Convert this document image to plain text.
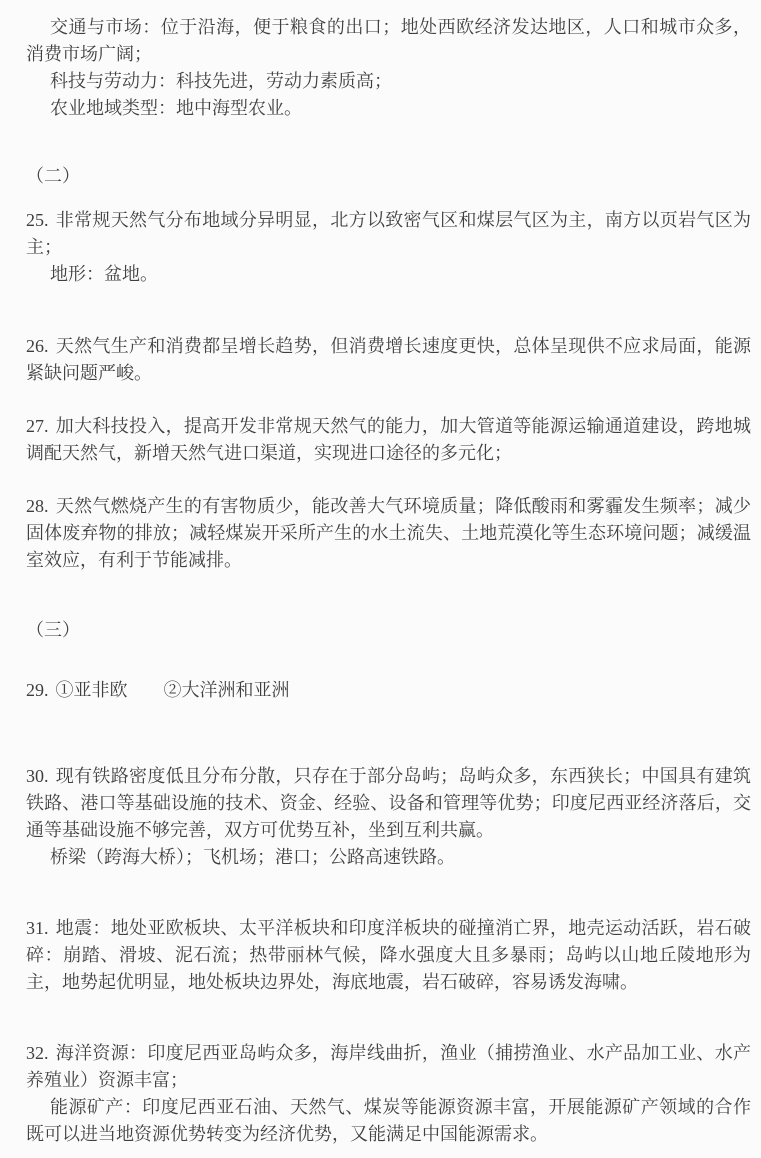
交通与市场：位于沿海，便于粮食的出口；地处西欧经济发达地区，人口和城市众多，消费市场广阔；

科技与劳动力：科技先进，劳动力素质高；

农业地域类型：地中海型农业。

（二）

25. 非常规天然气分布地域分异明显，北方以致密气区和煤层气区为主，南方以页岩气区为主；

地形：盆地。

26. 天然气生产和消费都呈增长趋势，但消费增长速度更快，总体呈现供不应求局面，能源紧缺问题严峻。

27. 加大科技投入，提高开发非常规天然气的能力，加大管道等能源运输通道建设，跨地城调配天然气，新增天然气进口渠道，实现进口途径的多元化；

28. 天然气燃烧产生的有害物质少，能改善大气环境质量；降低酸雨和雾霾发生频率；减少固体废弃物的排放；减轻煤炭开采所产生的水土流失、土地荒漠化等生态环境问题；减缓温室效应，有利于节能减排。

（三）

29. ①亚非欧　　②大洋洲和亚洲

30. 现有铁路密度低且分布分散，只存在于部分岛屿；岛屿众多，东西狭长；中国具有建筑铁路、港口等基础设施的技术、资金、经验、设备和管理等优势；印度尼西亚经济落后，交通等基础设施不够完善，双方可优势互补，坐到互利共赢。

桥梁（跨海大桥）；飞机场；港口；公路高速铁路。

31. 地震：地处亚欧板块、太平洋板块和印度洋板块的碰撞消亡界，地壳运动活跃，岩石破碎：崩踏、滑坡、泥石流；热带丽林气候，降水强度大且多暴雨；岛屿以山地丘陵地形为主，地势起优明显，地处板块边界处，海底地震，岩石破碎，容易诱发海啸。

32. 海洋资源：印度尼西亚岛屿众多，海岸线曲折，渔业（捕捞渔业、水产品加工业、水产养殖业）资源丰富；

能源矿产：印度尼西亚石油、天然气、煤炭等能源资源丰富，开展能源矿产领域的合作既可以进当地资源优势转变为经济优势，又能满足中国能源需求。
